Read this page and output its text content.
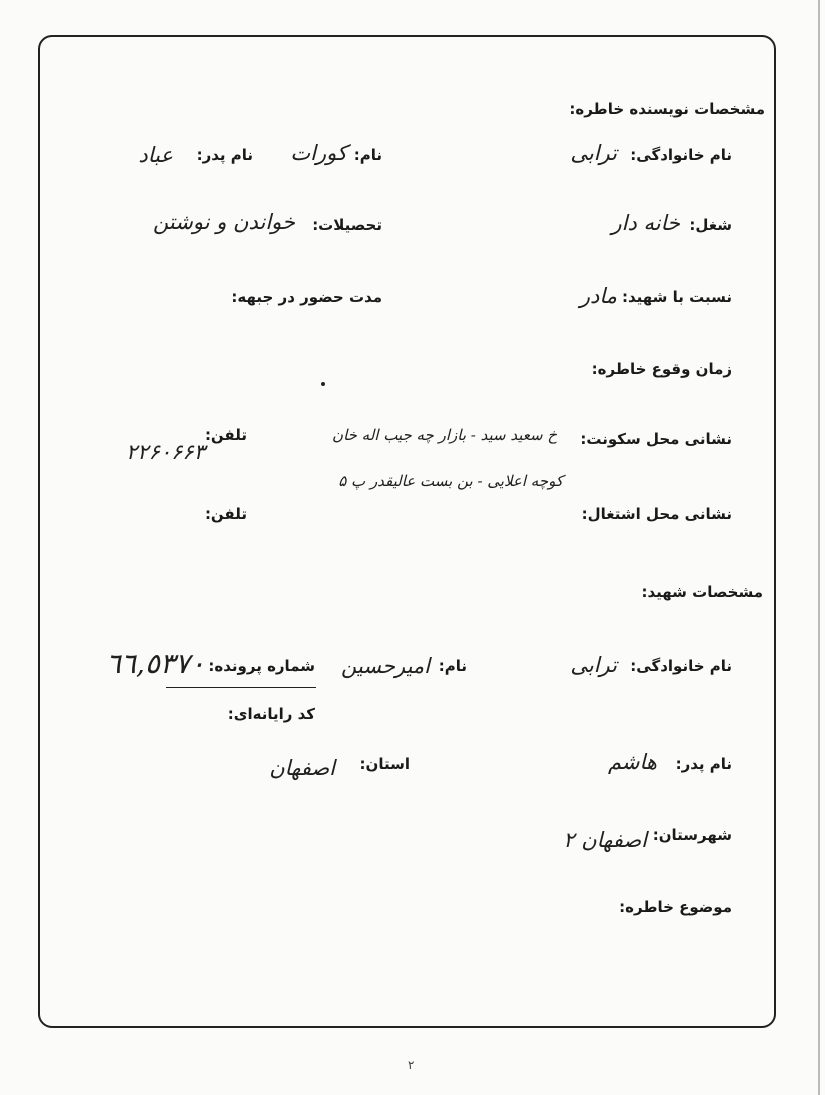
مشخصات نویسنده خاطره:
نام خانوادگی:
ترابی
نام:
کورات
نام پدر:
عباد
شغل:
خانه دار
تحصیلات:
خواندن و نوشتن
نسبت با شهید:
مادر
مدت حضور در جبهه:
زمان وقوع خاطره:
نشانی محل سکونت:
خ سعید سید - بازار چه جیب اله خان
کوچه اعلایی - بن بست عالیقدر پ ۵
تلفن:
۲۲۶۰۶۶۳
نشانی محل اشتغال:
تلفن:
مشخصات شهید:
نام خانوادگی:
ترابی
نام:
امیرحسین
شماره پرونده:
٦٦,٥٣٧٠
کد رایانه‌ای:
نام پدر:
هاشم
استان:
اصفهان
شهرستان:
اصفهان ۲
موضوع خاطره:
۲
